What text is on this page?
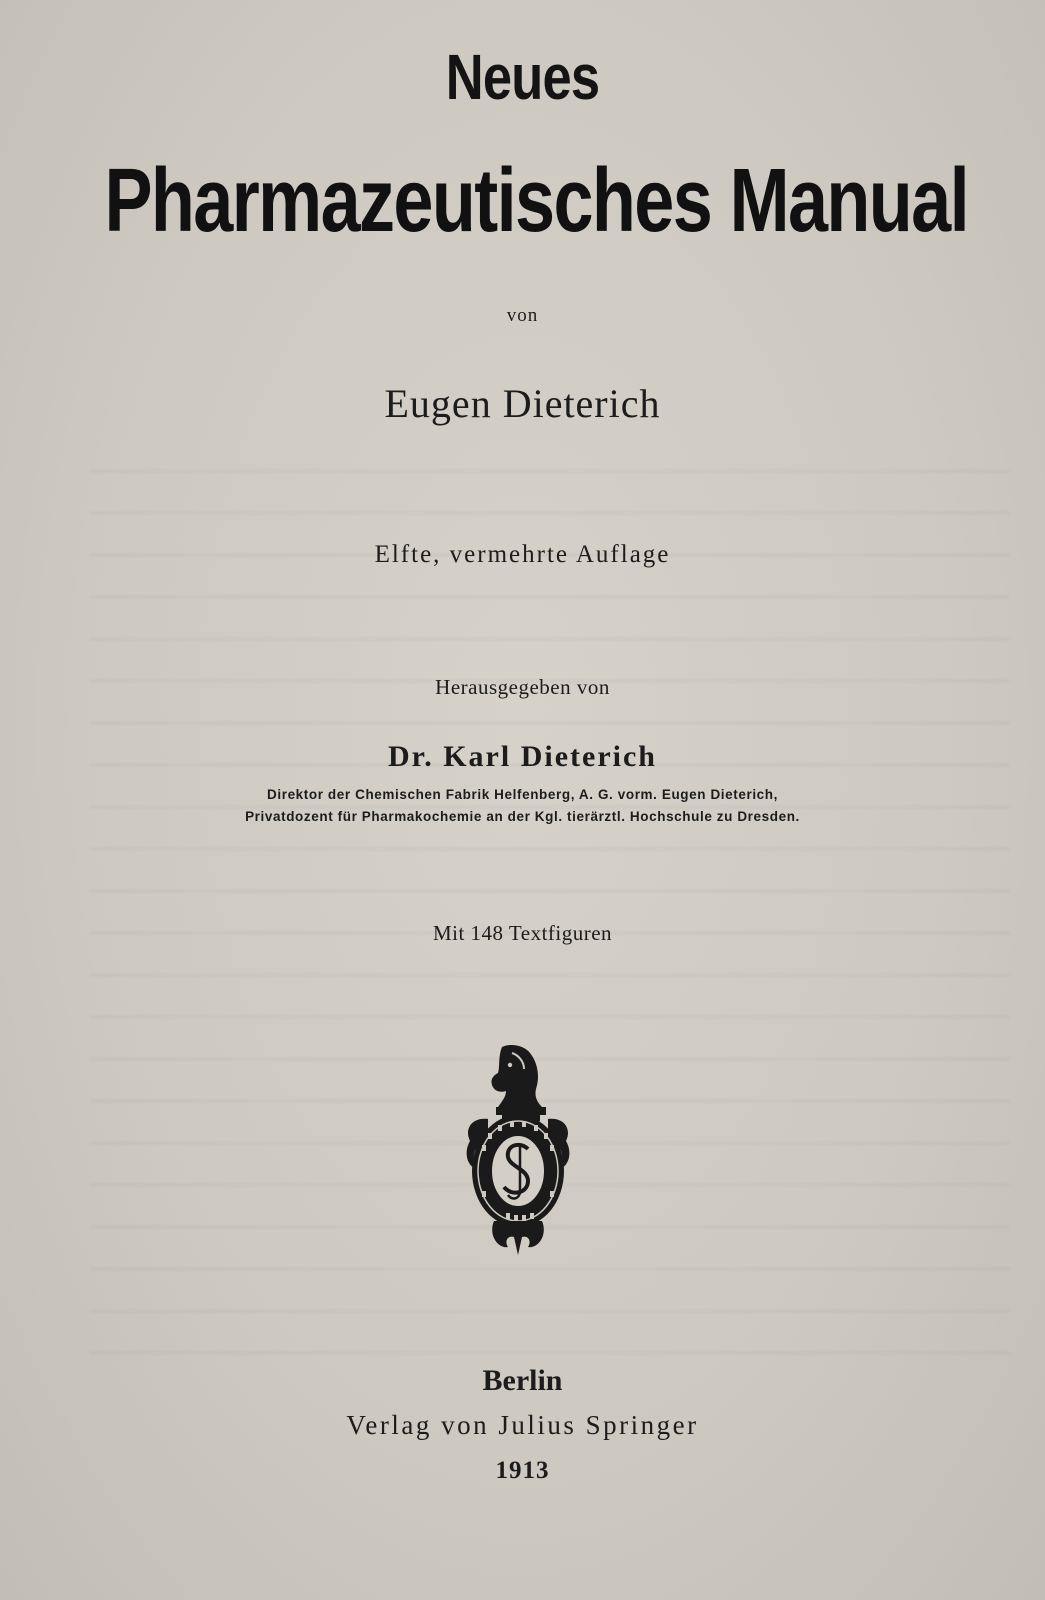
Neues
Pharmazeutisches Manual
von
Eugen Dieterich
Elfte, vermehrte Auflage
Herausgegeben von
Dr. Karl Dieterich
Direktor der Chemischen Fabrik Helfenberg, A. G. vorm. Eugen Dieterich,
Privatdozent für Pharmakochemie an der Kgl. tierärztl. Hochschule zu Dresden.
Mit 148 Textfiguren
Berlin
Verlag von Julius Springer
1913
